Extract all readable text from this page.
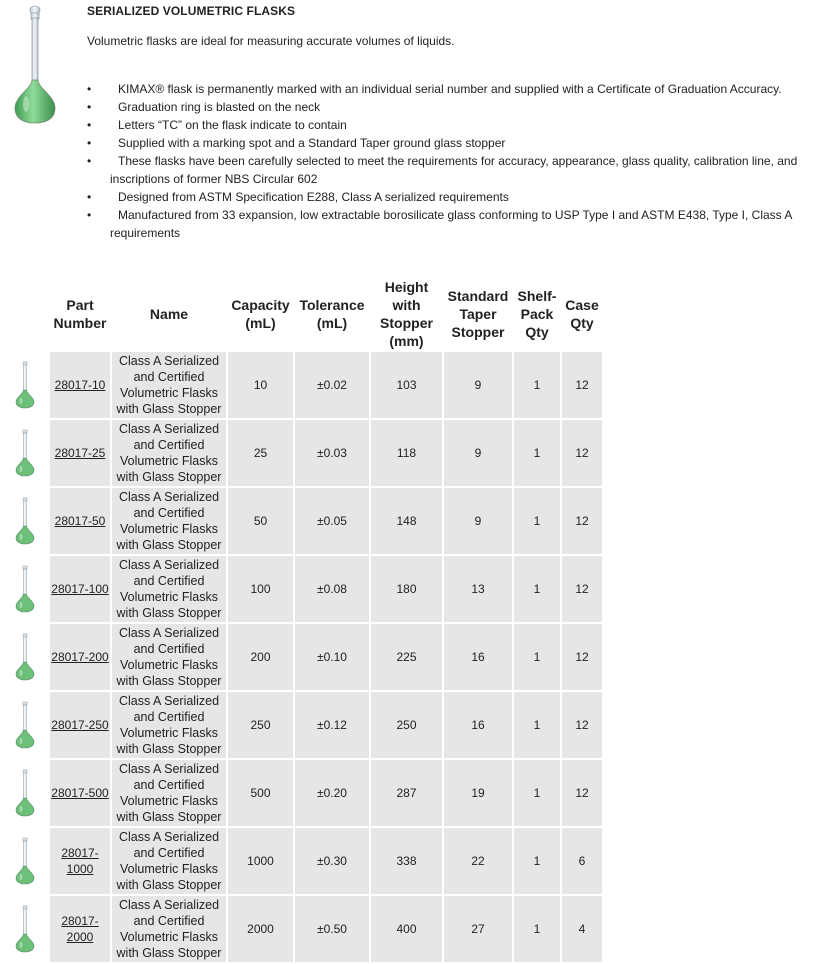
SERIALIZED VOLUMETRIC FLASKS
Volumetric flasks are ideal for measuring accurate volumes of liquids.
• KIMAX® flask is permanently marked with an individual serial number and supplied with a Certificate of Graduation Accuracy.
• Graduation ring is blasted on the neck
• Letters “TC” on the flask indicate to contain
• Supplied with a marking spot and a Standard Taper ground glass stopper
• These flasks have been carefully selected to meet the requirements for accuracy, appearance, glass quality, calibration line, and inscriptions of former NBS Circular 602
• Designed from ASTM Specification E288, Class A serialized requirements
• Manufactured from 33 expansion, low extractable borosilicate glass conforming to USP Type I and ASTM E438, Type I, Class A requirements
	Part Number	Name	Capacity (mL)	Tolerance (mL)	Height with Stopper (mm)	Standard Taper Stopper	Shelf-Pack Qty	Case Qty

	28017-10	Class A Serialized and Certified Volumetric Flasks with Glass Stopper	10	±0.02	103	9	1	12

	28017-25	Class A Serialized and Certified Volumetric Flasks with Glass Stopper	25	±0.03	118	9	1	12

	28017-50	Class A Serialized and Certified Volumetric Flasks with Glass Stopper	50	±0.05	148	9	1	12

	28017-100	Class A Serialized and Certified Volumetric Flasks with Glass Stopper	100	±0.08	180	13	1	12

	28017-200	Class A Serialized and Certified Volumetric Flasks with Glass Stopper	200	±0.10	225	16	1	12

	28017-250	Class A Serialized and Certified Volumetric Flasks with Glass Stopper	250	±0.12	250	16	1	12

	28017-500	Class A Serialized and Certified Volumetric Flasks with Glass Stopper	500	±0.20	287	19	1	12

	28017-1000	Class A Serialized and Certified Volumetric Flasks with Glass Stopper	1000	±0.30	338	22	1	6

	28017-2000	Class A Serialized and Certified Volumetric Flasks with Glass Stopper	2000	±0.50	400	27	1	4
